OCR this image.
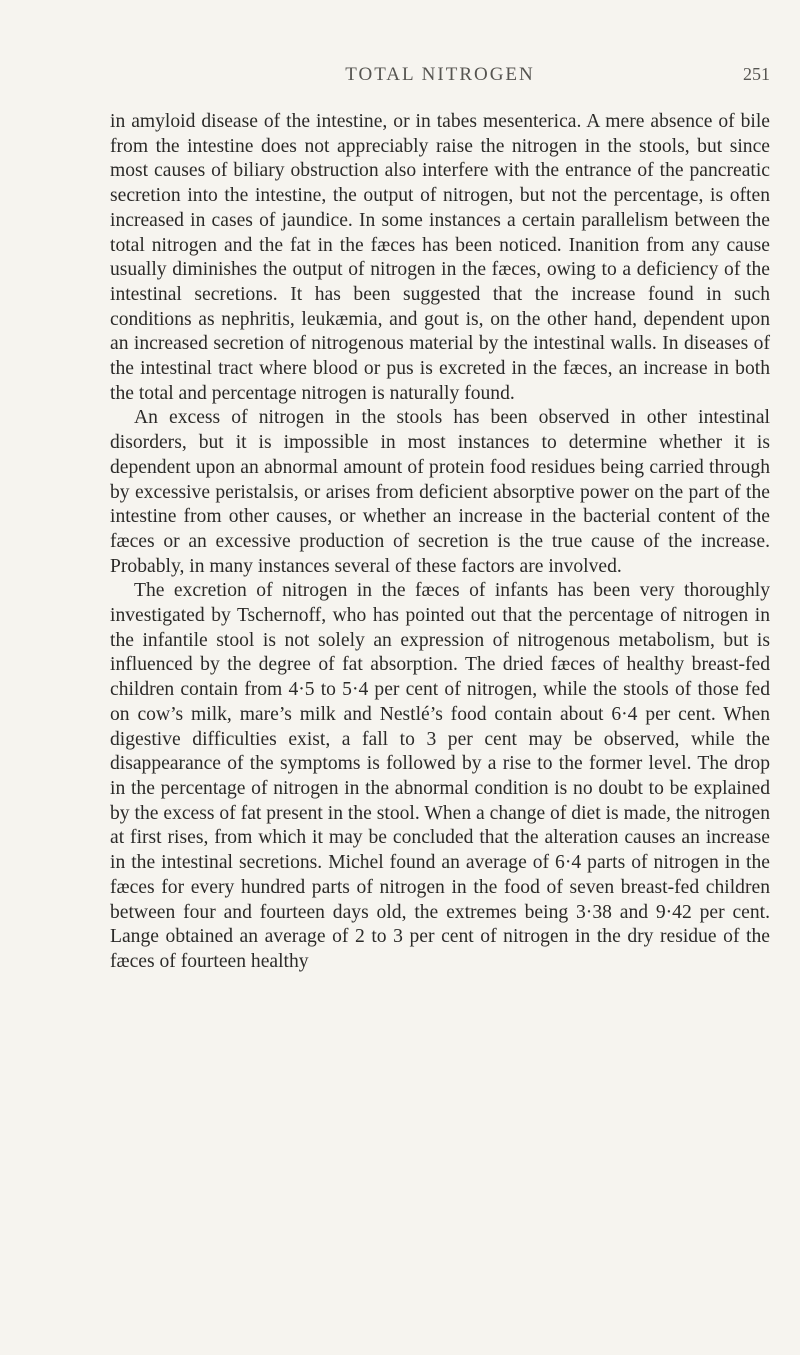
TOTAL NITROGEN	251

in amyloid disease of the intestine, or in tabes mesenterica. A mere absence of bile from the intestine does not appreciably raise the nitrogen in the stools, but since most causes of biliary obstruction also interfere with the entrance of the pancreatic secretion into the intestine, the output of nitrogen, but not the percentage, is often increased in cases of jaundice. In some instances a certain parallelism between the total nitrogen and the fat in the fæces has been noticed. Inanition from any cause usually diminishes the output of nitrogen in the fæces, owing to a deficiency of the intestinal secretions. It has been suggested that the increase found in such conditions as nephritis, leukæmia, and gout is, on the other hand, dependent upon an increased secretion of nitrogenous material by the intestinal walls. In diseases of the intestinal tract where blood or pus is excreted in the fæces, an increase in both the total and percentage nitrogen is naturally found.

An excess of nitrogen in the stools has been observed in other intestinal disorders, but it is impossible in most instances to determine whether it is dependent upon an abnormal amount of protein food residues being carried through by excessive peristalsis, or arises from deficient absorptive power on the part of the intestine from other causes, or whether an increase in the bacterial content of the fæces or an excessive production of secretion is the true cause of the increase. Probably, in many instances several of these factors are involved.

The excretion of nitrogen in the fæces of infants has been very thoroughly investigated by Tschernoff, who has pointed out that the percentage of nitrogen in the infantile stool is not solely an expression of nitrogenous metabolism, but is influenced by the degree of fat absorption. The dried fæces of healthy breast-fed children contain from 4·5 to 5·4 per cent of nitrogen, while the stools of those fed on cow’s milk, mare’s milk and Nestlé’s food contain about 6·4 per cent. When digestive difficulties exist, a fall to 3 per cent may be observed, while the disappearance of the symptoms is followed by a rise to the former level. The drop in the percentage of nitrogen in the abnormal condition is no doubt to be explained by the excess of fat present in the stool. When a change of diet is made, the nitrogen at first rises, from which it may be concluded that the alteration causes an increase in the intestinal secretions. Michel found an average of 6·4 parts of nitrogen in the fæces for every hundred parts of nitrogen in the food of seven breast-fed children between four and fourteen days old, the extremes being 3·38 and 9·42 per cent. Lange obtained an average of 2 to 3 per cent of nitrogen in the dry residue of the fæces of fourteen healthy
